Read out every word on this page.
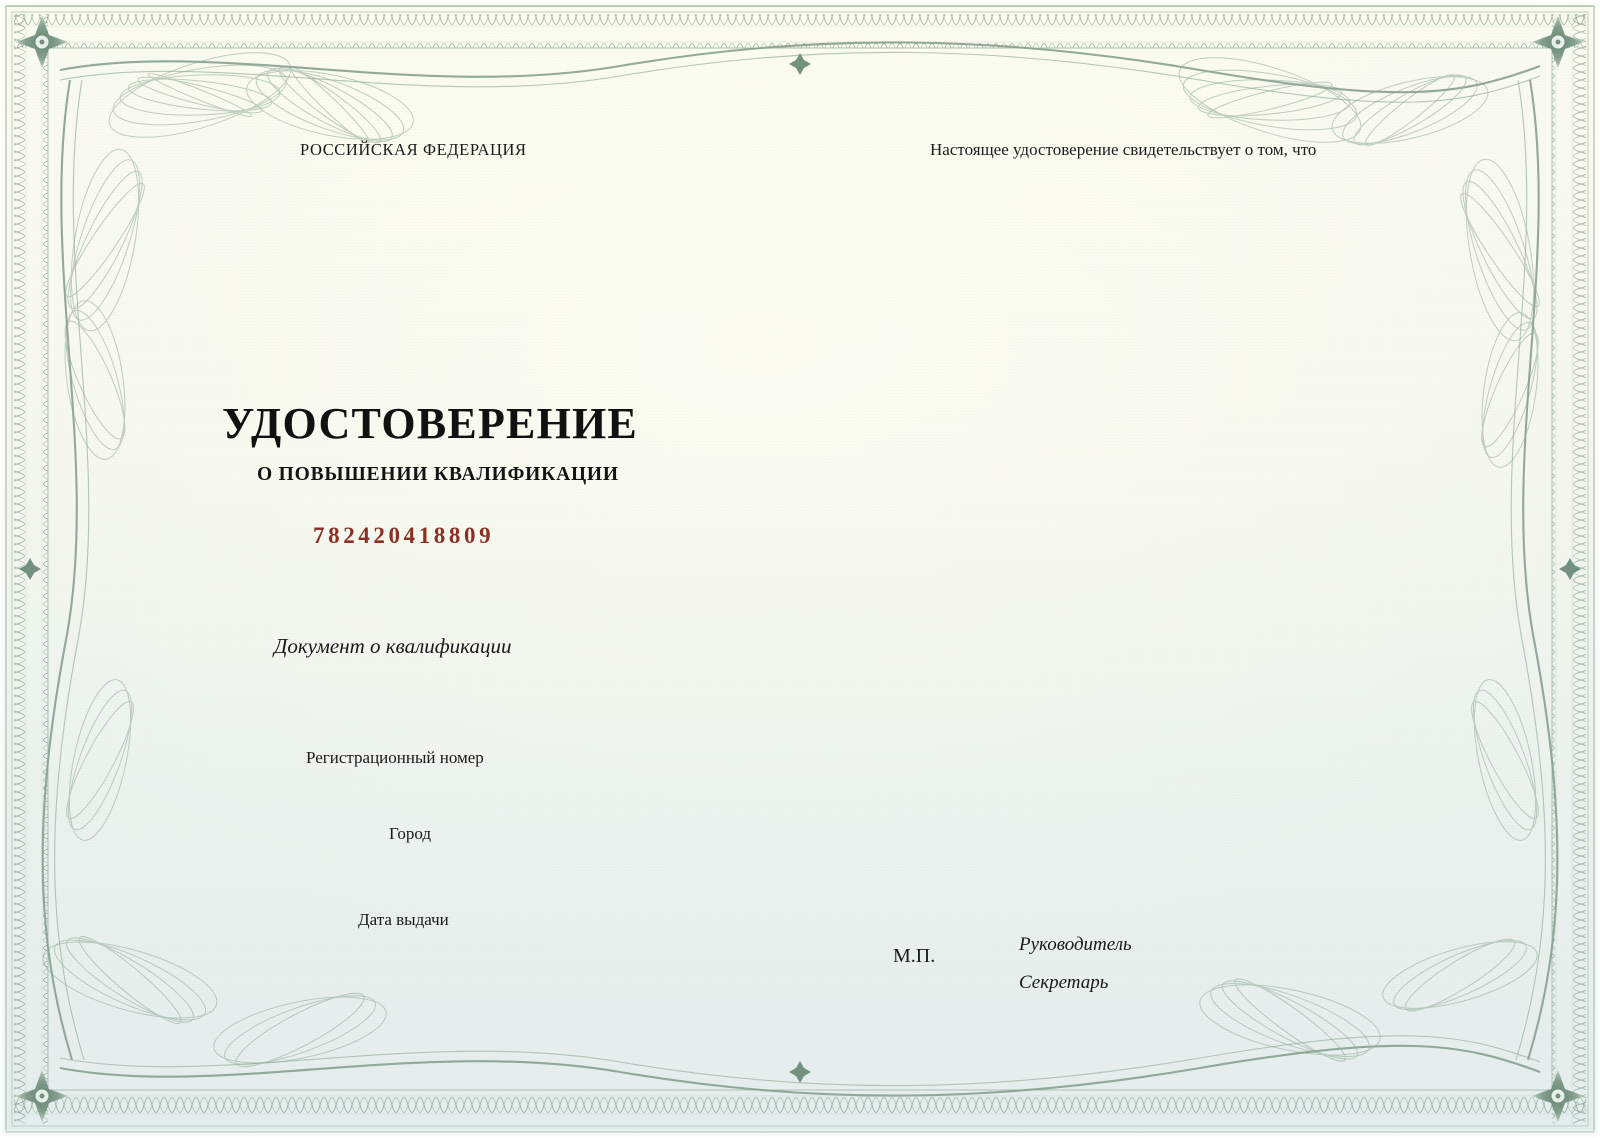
РОССИЙСКАЯ ФЕДЕРАЦИЯ	Настоящее удостоверение свидетельствует о том, что
УДОСТОВЕРЕНИЕ
О ПОВЫШЕНИИ КВАЛИФИКАЦИИ
782420418809
Документ о квалификации
Регистрационный номер
Город
Дата выдачи
М.П.
Руководитель
Секретарь
